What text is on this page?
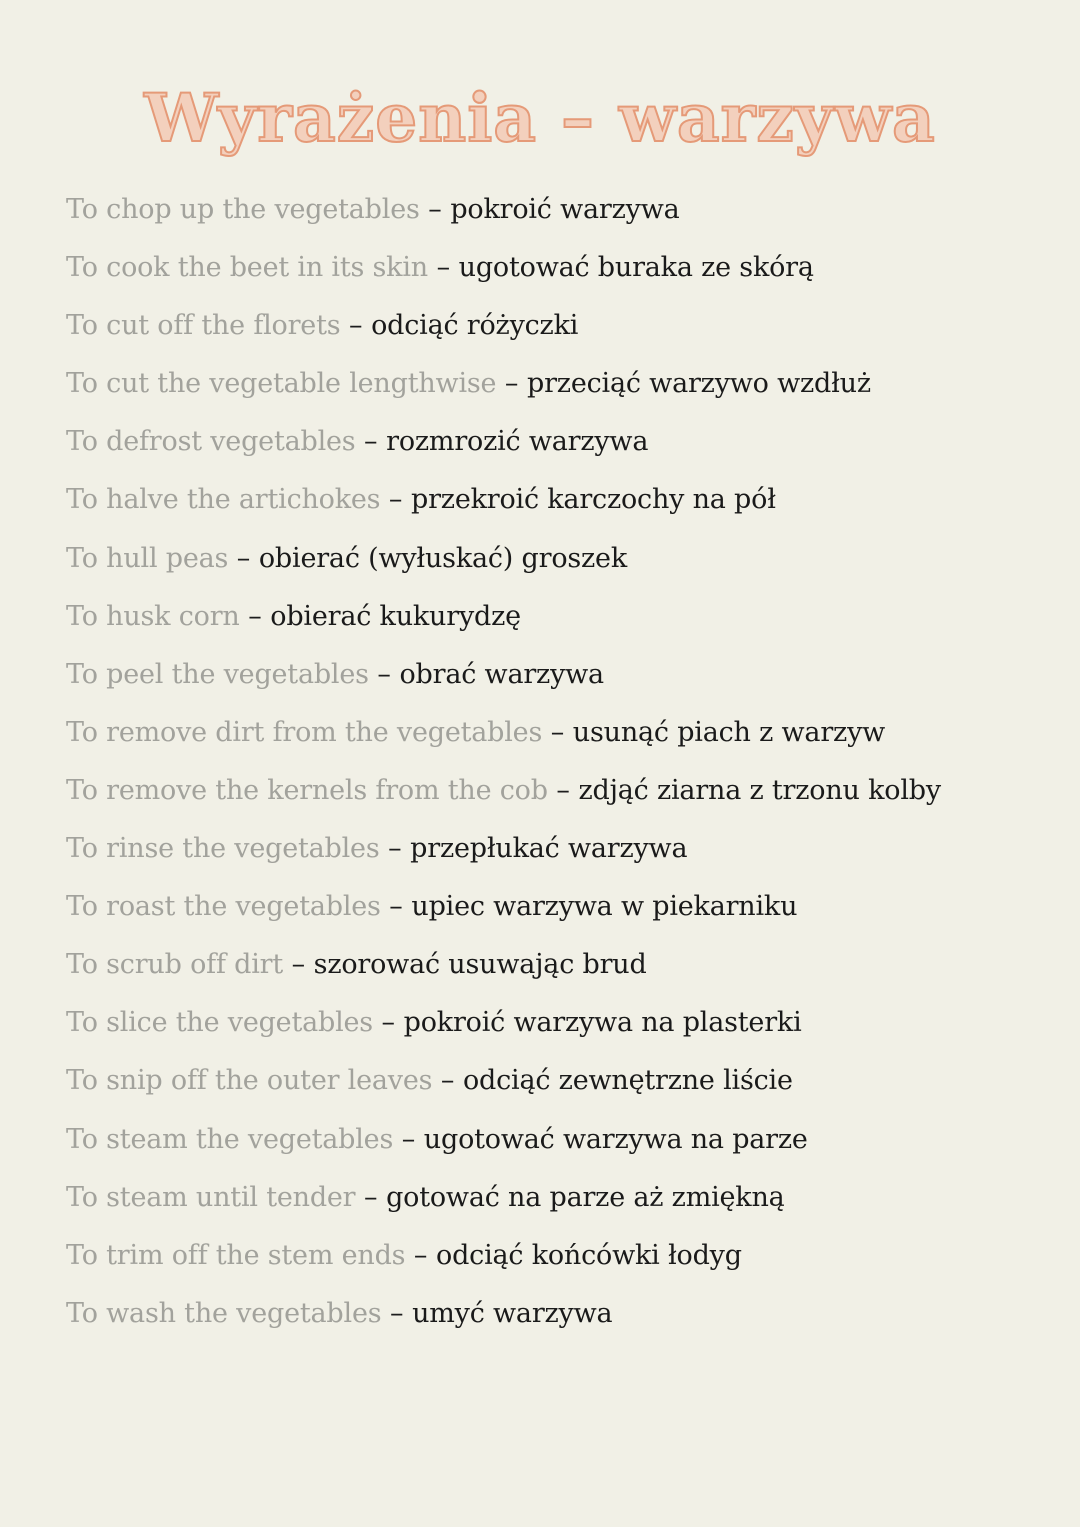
Wyrażenia – warzywa
To chop up the vegetables – pokroić warzywa
To cook the beet in its skin – ugotować buraka ze skórą
To cut off the florets – odciąć różyczki
To cut the vegetable lengthwise – przeciąć warzywo wzdłuż
To defrost vegetables – rozmrozić warzywa
To halve the artichokes – przekroić karczochy na pół
To hull peas – obierać (wyłuskać) groszek
To husk corn – obierać kukurydzę
To peel the vegetables – obrać warzywa
To remove dirt from the vegetables – usunąć piach z warzyw
To remove the kernels from the cob – zdjąć ziarna z trzonu kolby
To rinse the vegetables – przepłukać warzywa
To roast the vegetables – upiec warzywa w piekarniku
To scrub off dirt – szorować usuwając brud
To slice the vegetables – pokroić warzywa na plasterki
To snip off the outer leaves – odciąć zewnętrzne liście
To steam the vegetables – ugotować warzywa na parze
To steam until tender – gotować na parze aż zmiękną
To trim off the stem ends – odciąć końcówki łodyg
To wash the vegetables – umyć warzywa
